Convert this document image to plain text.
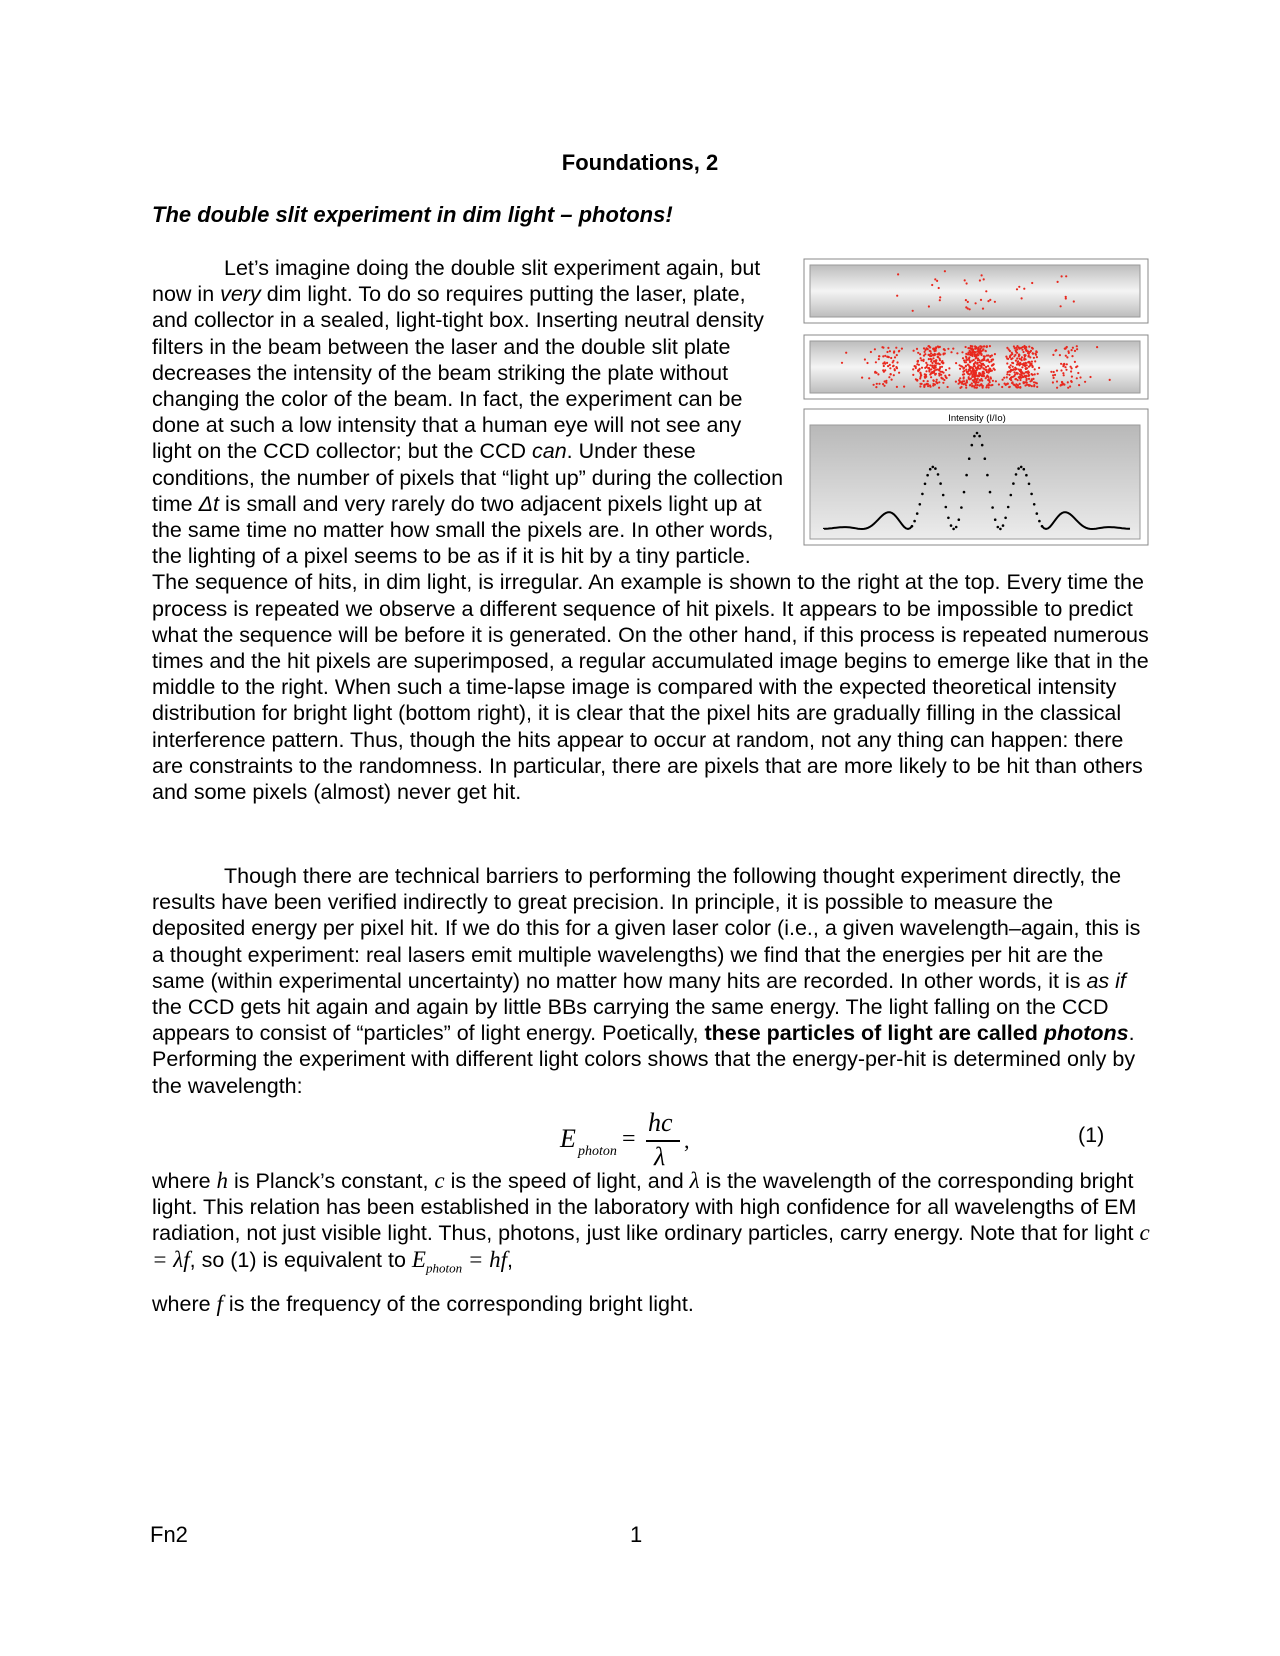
Foundations, 2
The double slit experiment in dim light – photons!

Intensity (I/Io)
Let’s imagine doing the double slit experiment again, but now in very dim light. To do so requires putting the laser, plate, and collector in a sealed, light-tight box. Inserting neutral density filters in the beam between the laser and the double slit plate decreases the intensity of the beam striking the plate without changing the color of the beam. In fact, the experiment can be done at such a low intensity that a human eye will not see any light on the CCD collector; but the CCD can. Under these conditions, the number of pixels that “light up” during the collection time Δt is small and very rarely do two adjacent pixels light up at the same time no matter how small the pixels are. In other words, the lighting of a pixel seems to be as if it is hit by a tiny particle. The sequence of hits, in dim light, is irregular. An example is shown to the right at the top. Every time the process is repeated we observe a different sequence of hit pixels. It appears to be impossible to predict what the sequence will be before it is generated. On the other hand, if this process is repeated numerous times and the hit pixels are superimposed, a regular accumulated image begins to emerge like that in the middle to the right. When such a time-lapse image is compared with the expected theoretical intensity distribution for bright light (bottom right), it is clear that the pixel hits are gradually filling in the classical interference pattern. Thus, though the hits appear to occur at random, not any thing can happen: there are constraints to the randomness. In particular, there are pixels that are more likely to be hit than others and some pixels (almost) never get hit.

Though there are technical barriers to performing the following thought experiment directly, the results have been verified indirectly to great precision. In principle, it is possible to measure the deposited energy per pixel hit. If we do this for a given laser color (i.e., a given wavelength–again, this is a thought experiment: real lasers emit multiple wavelengths) we find that the energies per hit are the same (within experimental uncertainty) no matter how many hits are recorded. In other words, it is as if the CCD gets hit again and again by little BBs carrying the same energy. The light falling on the CCD appears to consist of “particles” of light energy. Poetically, these particles of light are called photons. Performing the experiment with different light colors shows that the energy-per-hit is determined only by the wavelength:

E photon =
hc
λ
,	(1)

where h is Planck’s constant, c is the speed of light, and λ is the wavelength of the corresponding bright light. This relation has been established in the laboratory with high confidence for all wavelengths of EM radiation, not just visible light. Thus, photons, just like ordinary particles, carry energy. Note that for light c = λf, so (1) is equivalent to $E_{photon}$ = hf,
where f is the frequency of the corresponding bright light.

Fn2	1
